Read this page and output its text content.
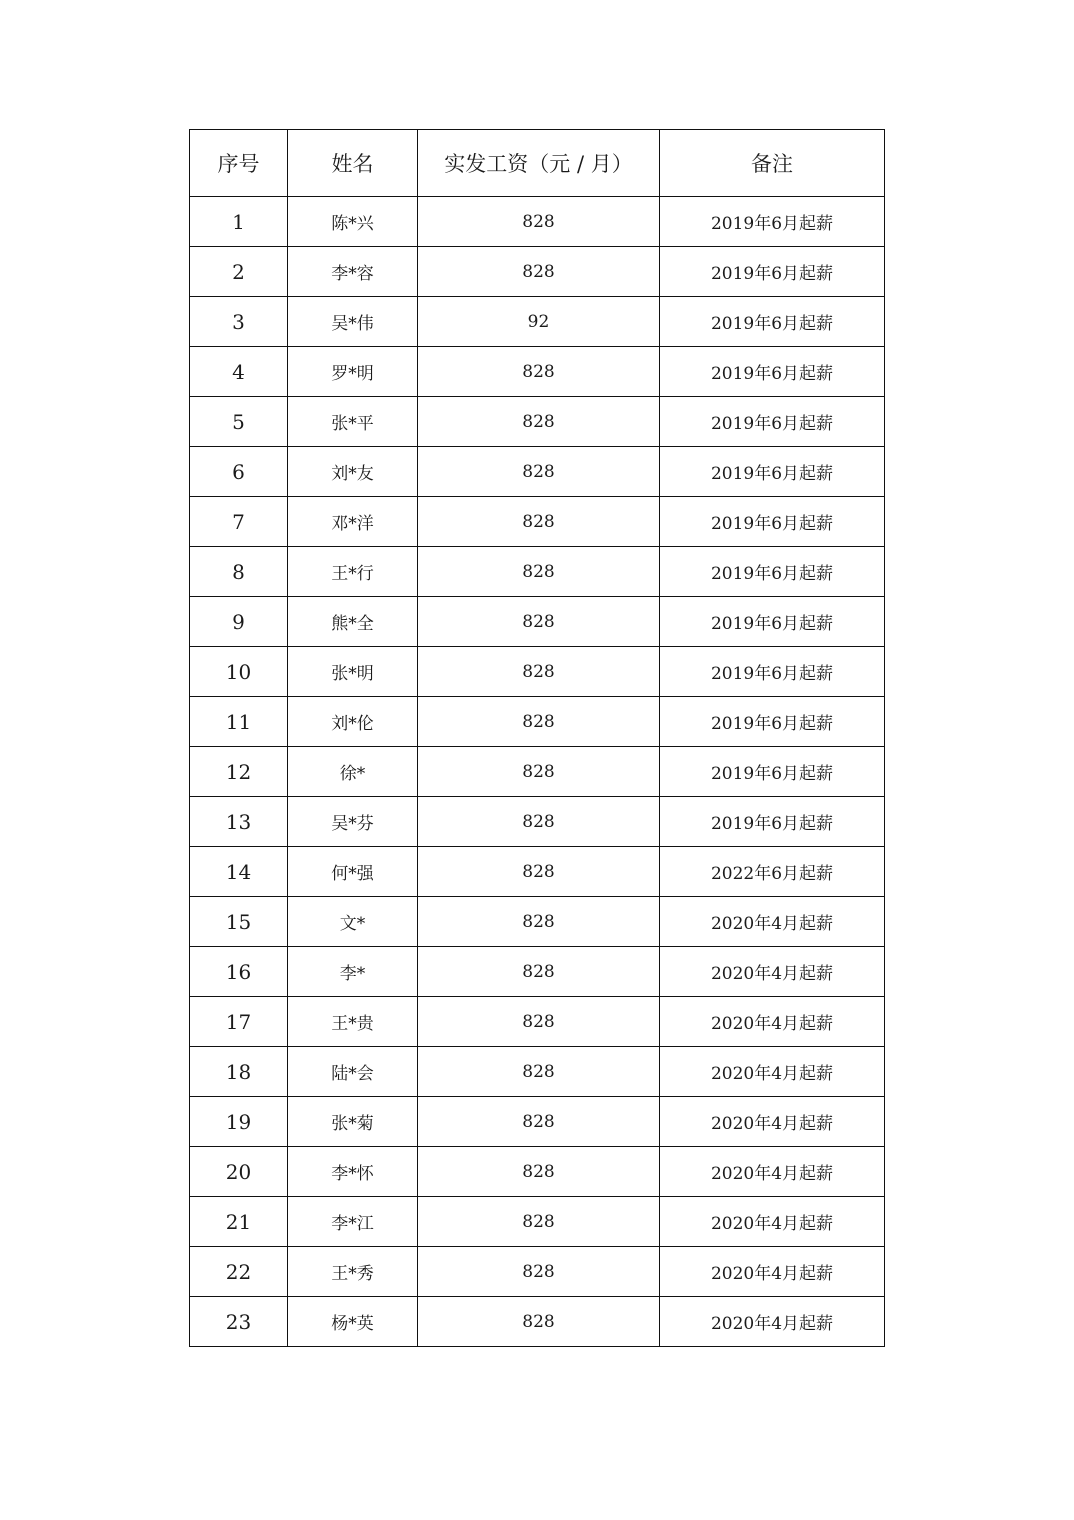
序号	姓名	实发工资（元 / 月）	备注
1	陈*兴	828	2019年6月起薪
2	李*容	828	2019年6月起薪
3	吴*伟	92	2019年6月起薪
4	罗*明	828	2019年6月起薪
5	张*平	828	2019年6月起薪
6	刘*友	828	2019年6月起薪
7	邓*洋	828	2019年6月起薪
8	王*行	828	2019年6月起薪
9	熊*全	828	2019年6月起薪
10	张*明	828	2019年6月起薪
11	刘*伦	828	2019年6月起薪
12	徐*	828	2019年6月起薪
13	吴*芬	828	2019年6月起薪
14	何*强	828	2022年6月起薪
15	文*	828	2020年4月起薪
16	李*	828	2020年4月起薪
17	王*贵	828	2020年4月起薪
18	陆*会	828	2020年4月起薪
19	张*菊	828	2020年4月起薪
20	李*怀	828	2020年4月起薪
21	李*江	828	2020年4月起薪
22	王*秀	828	2020年4月起薪
23	杨*英	828	2020年4月起薪
